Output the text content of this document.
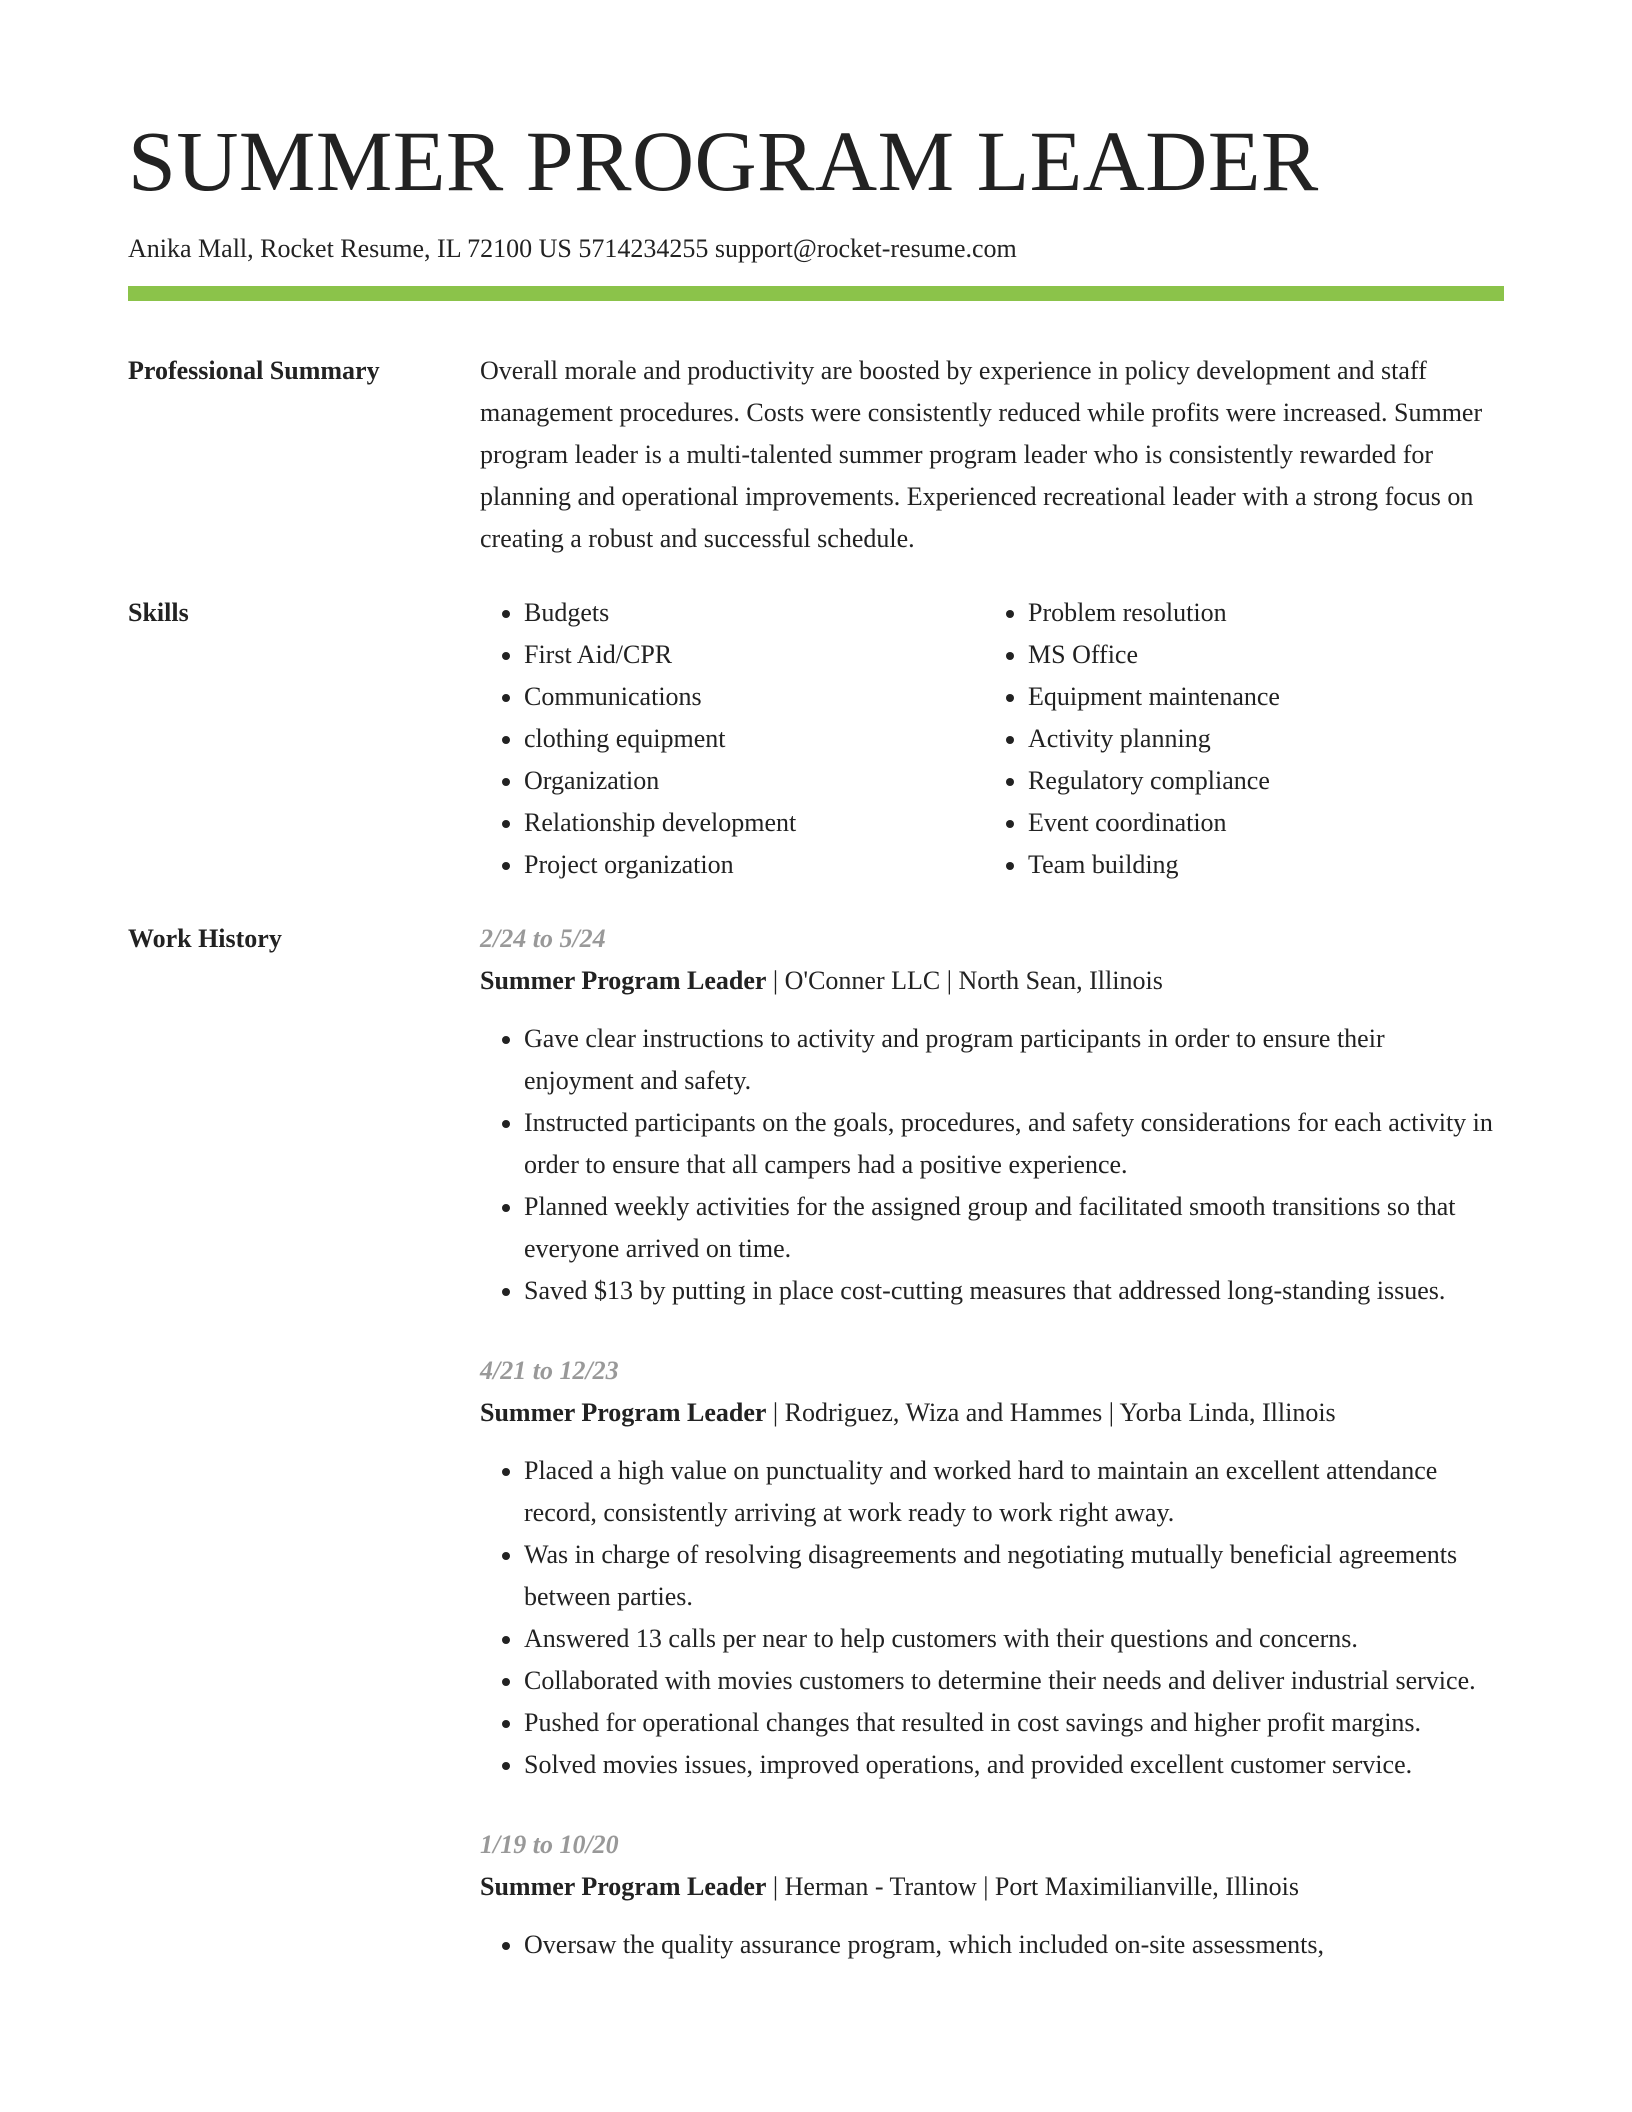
SUMMER PROGRAM LEADER
Anika Mall, Rocket Resume, IL 72100 US 5714234255 support@rocket-resume.com
Professional Summary	Overall morale and productivity are boosted by experience in policy development and staff management procedures. Costs were consistently reduced while profits were increased. Summer program leader is a multi-talented summer program leader who is consistently rewarded for planning and operational improvements. Experienced recreational leader with a strong focus on creating a robust and successful schedule.

Skills
•	Budgets
• First Aid/CPR
• Communications
• clothing equipment
• Organization
• Relationship development
• Project organization
• Problem resolution
• MS Office
• Equipment maintenance
• Activity planning
• Regulatory compliance
• Event coordination
• Team building
Work History	2/24 to 5/24

Summer Program Leader | O'Conner LLC | North Sean, Illinois

• Gave clear instructions to activity and program participants in order to ensure their enjoyment and safety.
• Instructed participants on the goals, procedures, and safety considerations for each activity in order to ensure that all campers had a positive experience.
• Planned weekly activities for the assigned group and facilitated smooth transitions so that everyone arrived on time.
• Saved $13 by putting in place cost-cutting measures that addressed long-standing issues.

4/21 to 12/23

Summer Program Leader | Rodriguez, Wiza and Hammes | Yorba Linda, Illinois

• Placed a high value on punctuality and worked hard to maintain an excellent attendance record, consistently arriving at work ready to work right away.
• Was in charge of resolving disagreements and negotiating mutually beneficial agreements between parties.
• Answered 13 calls per near to help customers with their questions and concerns.
• Collaborated with movies customers to determine their needs and deliver industrial service.
• Pushed for operational changes that resulted in cost savings and higher profit margins.
• Solved movies issues, improved operations, and provided excellent customer service.

1/19 to 10/20

Summer Program Leader | Herman - Trantow | Port Maximilianville, Illinois

• Oversaw the quality assurance program, which included on-site assessments,
